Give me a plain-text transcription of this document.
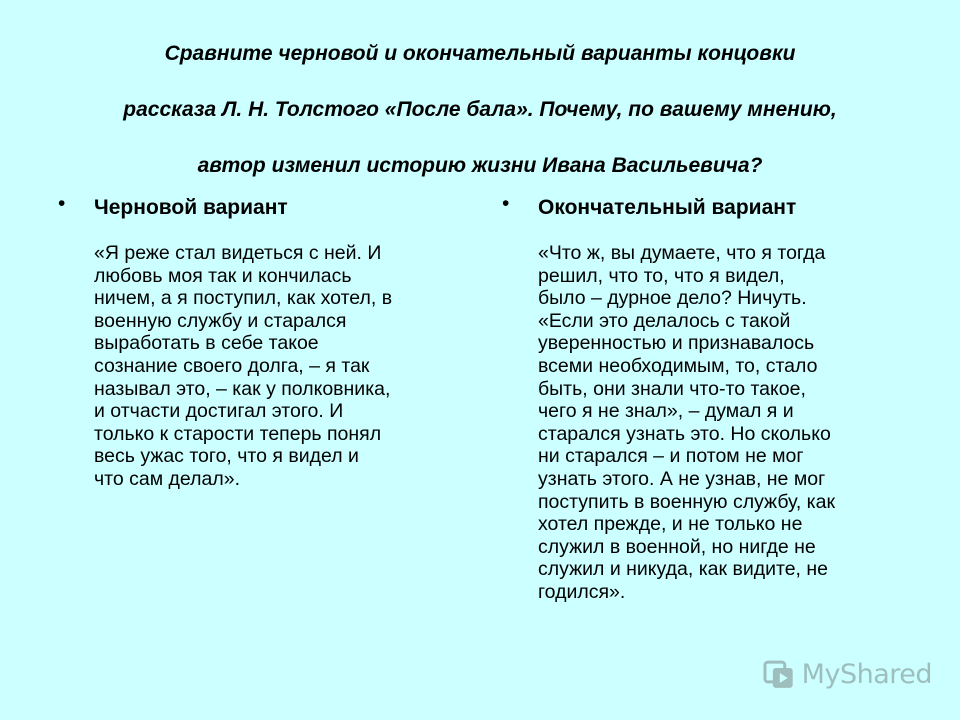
Сравните черновой и окончательный варианты концовки
рассказа Л. Н. Толстого «После бала». Почему, по вашему мнению,
автор изменил историю жизни Ивана Васильевича?
• Черновой вариант
«Я реже стал видеться с ней. И
любовь моя так и кончилась
ничем, а я поступил, как хотел, в
военную службу и старался
выработать в себе такое
сознание своего долга, – я так
называл это, – как у полковника,
и отчасти достигал этого. И
только к старости теперь понял
весь ужас того, что я видел и
что сам делал».
• Окончательный вариант
«Что ж, вы думаете, что я тогда
решил, что то, что я видел,
было – дурное дело? Ничуть.
«Если это делалось с такой
уверенностью и признавалось
всеми необходимым, то, стало
быть, они знали что-то такое,
чего я не знал», – думал я и
старался узнать это. Но сколько
ни старался – и потом не мог
узнать этого. А не узнав, не мог
поступить в военную службу, как
хотел прежде, и не только не
служил в военной, но нигде не
служил и никуда, как видите, не
годился».
MyShared
